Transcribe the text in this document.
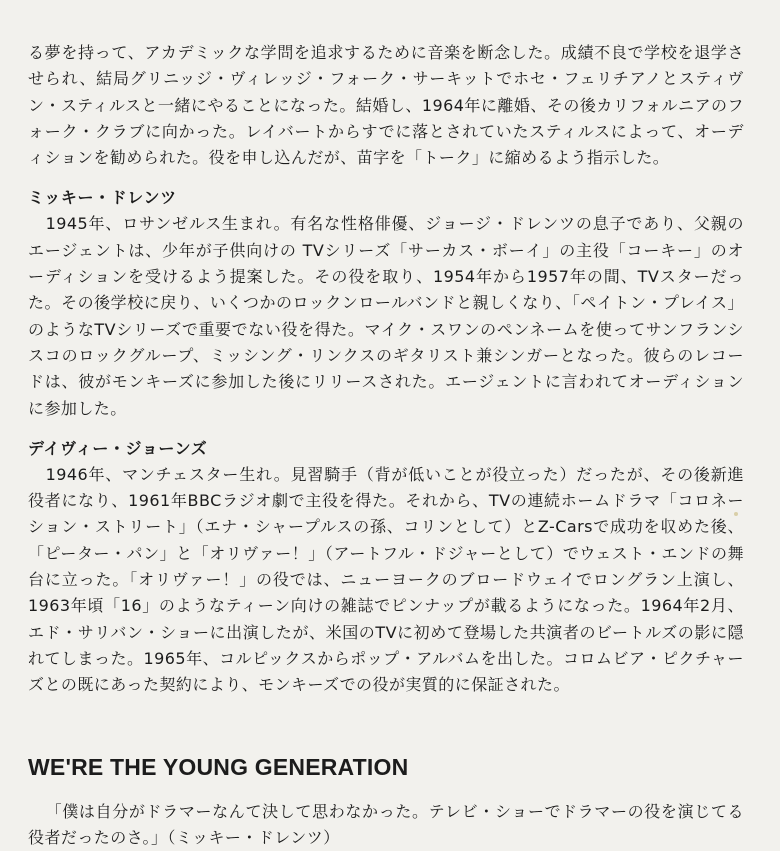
る夢を持って、アカデミックな学問を追求するために音楽を断念した。成績不良で学校を退学させられ、結局グリニッジ・ヴィレッジ・フォーク・サーキットでホセ・フェリチアノとスティヴン・スティルスと一緒にやることになった。結婚し、1964年に離婚、その後カリフォルニアのフォーク・クラブに向かった。レイバートからすでに落とされていたスティルスによって、オーディションを勧められた。役を申し込んだが、苗字を「トーク」に縮めるよう指示した。

ミッキー・ドレンツ

1945年、ロサンゼルス生まれ。有名な性格俳優、ジョージ・ドレンツの息子であり、父親のエージェントは、少年が子供向けの TVシリーズ「サーカス・ボーイ」の主役「コーキー」のオーディションを受けるよう提案した。その役を取り、1954年から1957年の間、TVスターだった。その後学校に戻り、いくつかのロックンロールバンドと親しくなり、「ペイトン・プレイス」のようなTVシリーズで重要でない役を得た。マイク・スワンのペンネームを使ってサンフランシスコのロックグループ、ミッシング・リンクスのギタリスト兼シンガーとなった。彼らのレコードは、彼がモンキーズに参加した後にリリースされた。エージェントに言われてオーディションに参加した。

デイヴィー・ジョーンズ

1946年、マンチェスター生れ。見習騎手（背が低いことが役立った）だったが、その後新進役者になり、1961年BBCラジオ劇で主役を得た。それから、TVの連続ホームドラマ「コロネーション・ストリート」（エナ・シャープルスの孫、コリンとして）とZ-Carsで成功を収めた後、「ピーター・パン」と「オリヴァー！」（アートフル・ドジャーとして）でウェスト・エンドの舞台に立った。「オリヴァー！」の役では、ニューヨークのブロードウェイでロングラン上演し、1963年頃「16」のようなティーン向けの雑誌でピンナップが載るようになった。1964年2月、エド・サリバン・ショーに出演したが、米国のTVに初めて登場した共演者のビートルズの影に隠れてしまった。1965年、コルピックスからポップ・アルバムを出した。コロムビア・ピクチャーズとの既にあった契約により、モンキーズでの役が実質的に保証された。

WE'RE THE YOUNG GENERATION

「僕は自分がドラマーなんて決して思わなかった。テレビ・ショーでドラマーの役を演じてる役者だったのさ。」（ミッキー・ドレンツ）
